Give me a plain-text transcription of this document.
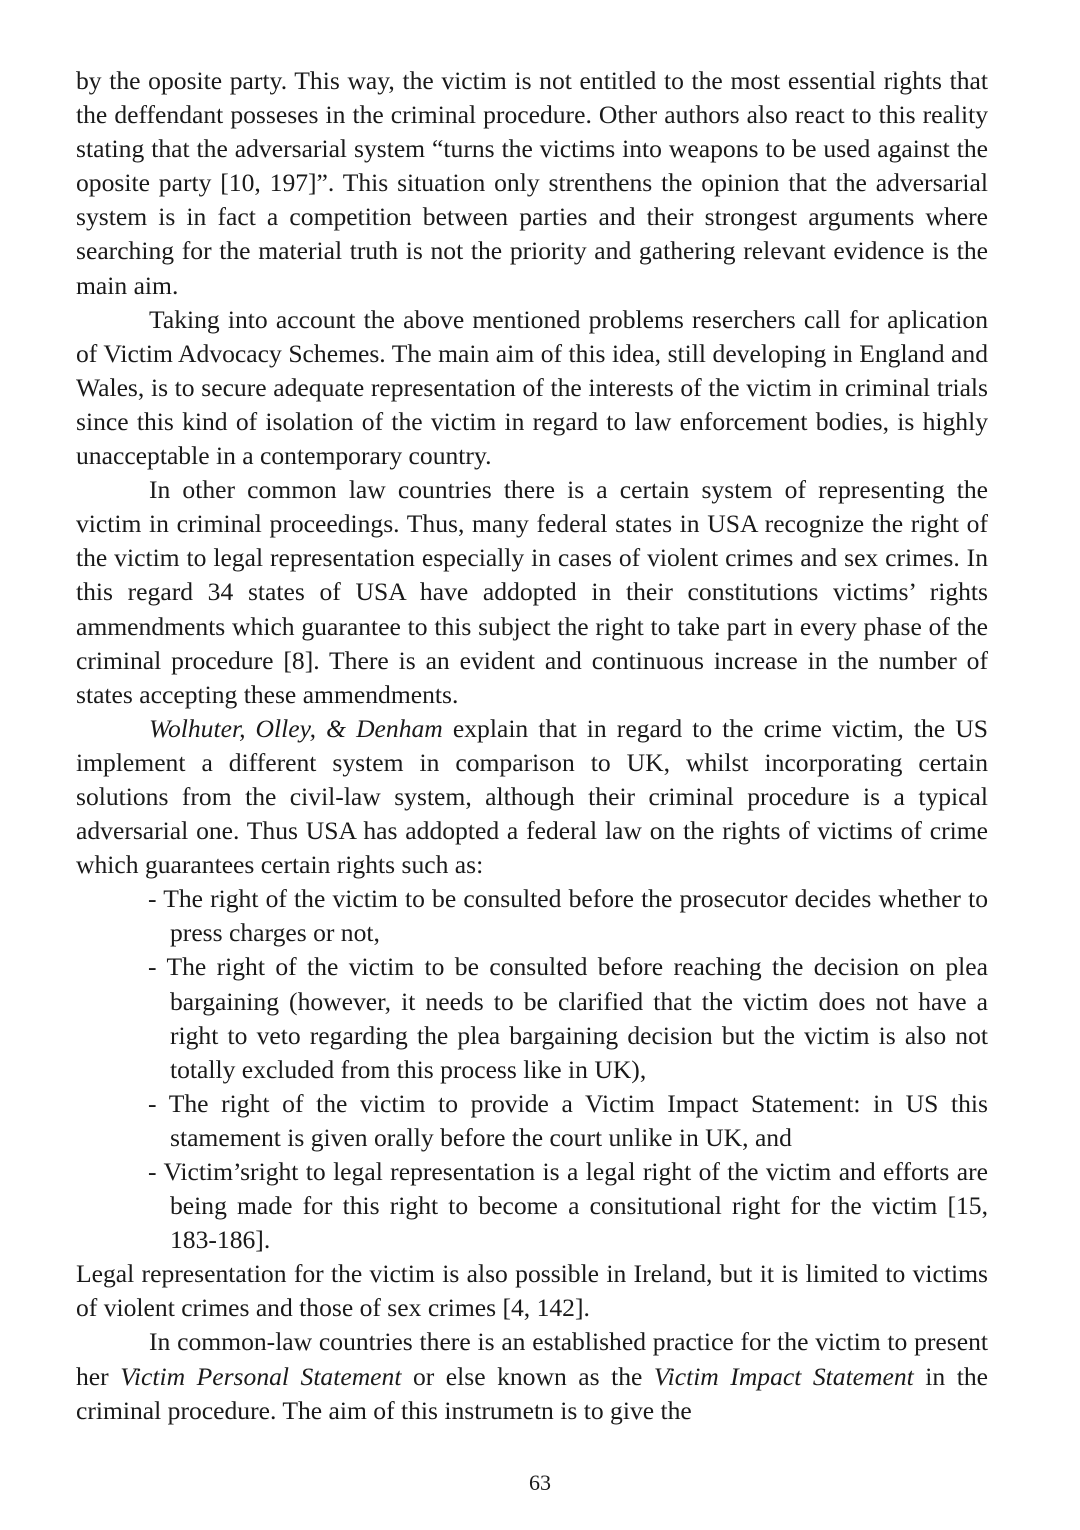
by the oposite party. This way, the victim is not entitled to the most essential rights that the deffendant posseses in the criminal procedure. Other authors also react to this reality stating that the adversarial system “turns the victims into weapons to be used against the oposite party [10, 197]”. This situation only strenthens the opinion that the adversarial system is in fact a competition between parties and their strongest arguments where searching for the material truth is not the priority and gathering relevant evidence is the main aim.

Taking into account the above mentioned problems reserchers call for aplication of Victim Advocacy Schemes. The main aim of this idea, still developing in England and Wales, is to secure adequate representation of the interests of the victim in criminal trials since this kind of isolation of the victim in regard to law enforcement bodies, is highly unacceptable in a contemporary country.

In other common law countries there is a certain system of representing the victim in criminal proceedings. Thus, many federal states in USA recognize the right of the victim to legal representation especially in cases of violent crimes and sex crimes. In this regard 34 states of USA have addopted in their constitutions victims’ rights ammendments which guarantee to this subject the right to take part in every phase of the criminal procedure [8]. There is an evident and continuous increase in the number of states accepting these ammendments.

Wolhuter, Olley, & Denham explain that in regard to the crime victim, the US implement a different system in comparison to UK, whilst incorporating certain solutions from the civil-law system, although their criminal procedure is a typical adversarial one. Thus USA has addopted a federal law on the rights of victims of crime which guarantees certain rights such as:

- The right of the victim to be consulted before the prosecutor decides whether to press charges or not,
- The right of the victim to be consulted before reaching the decision on plea bargaining (however, it needs to be clarified that the victim does not have a right to veto regarding the plea bargaining decision but the victim is also not totally excluded from this process like in UK),
- The right of the victim to provide a Victim Impact Statement: in US this stamement is given orally before the court unlike in UK, and
- Victim’sright to legal representation is a legal right of the victim and efforts are being made for this right to become a consitutional right for the victim [15, 183-186].

Legal representation for the victim is also possible in Ireland, but it is limited to victims of violent crimes and those of sex crimes [4, 142].

In common-law countries there is an established practice for the victim to present her Victim Personal Statement or else known as the Victim Impact Statement in the criminal procedure. The aim of this instrumetn is to give the

63
